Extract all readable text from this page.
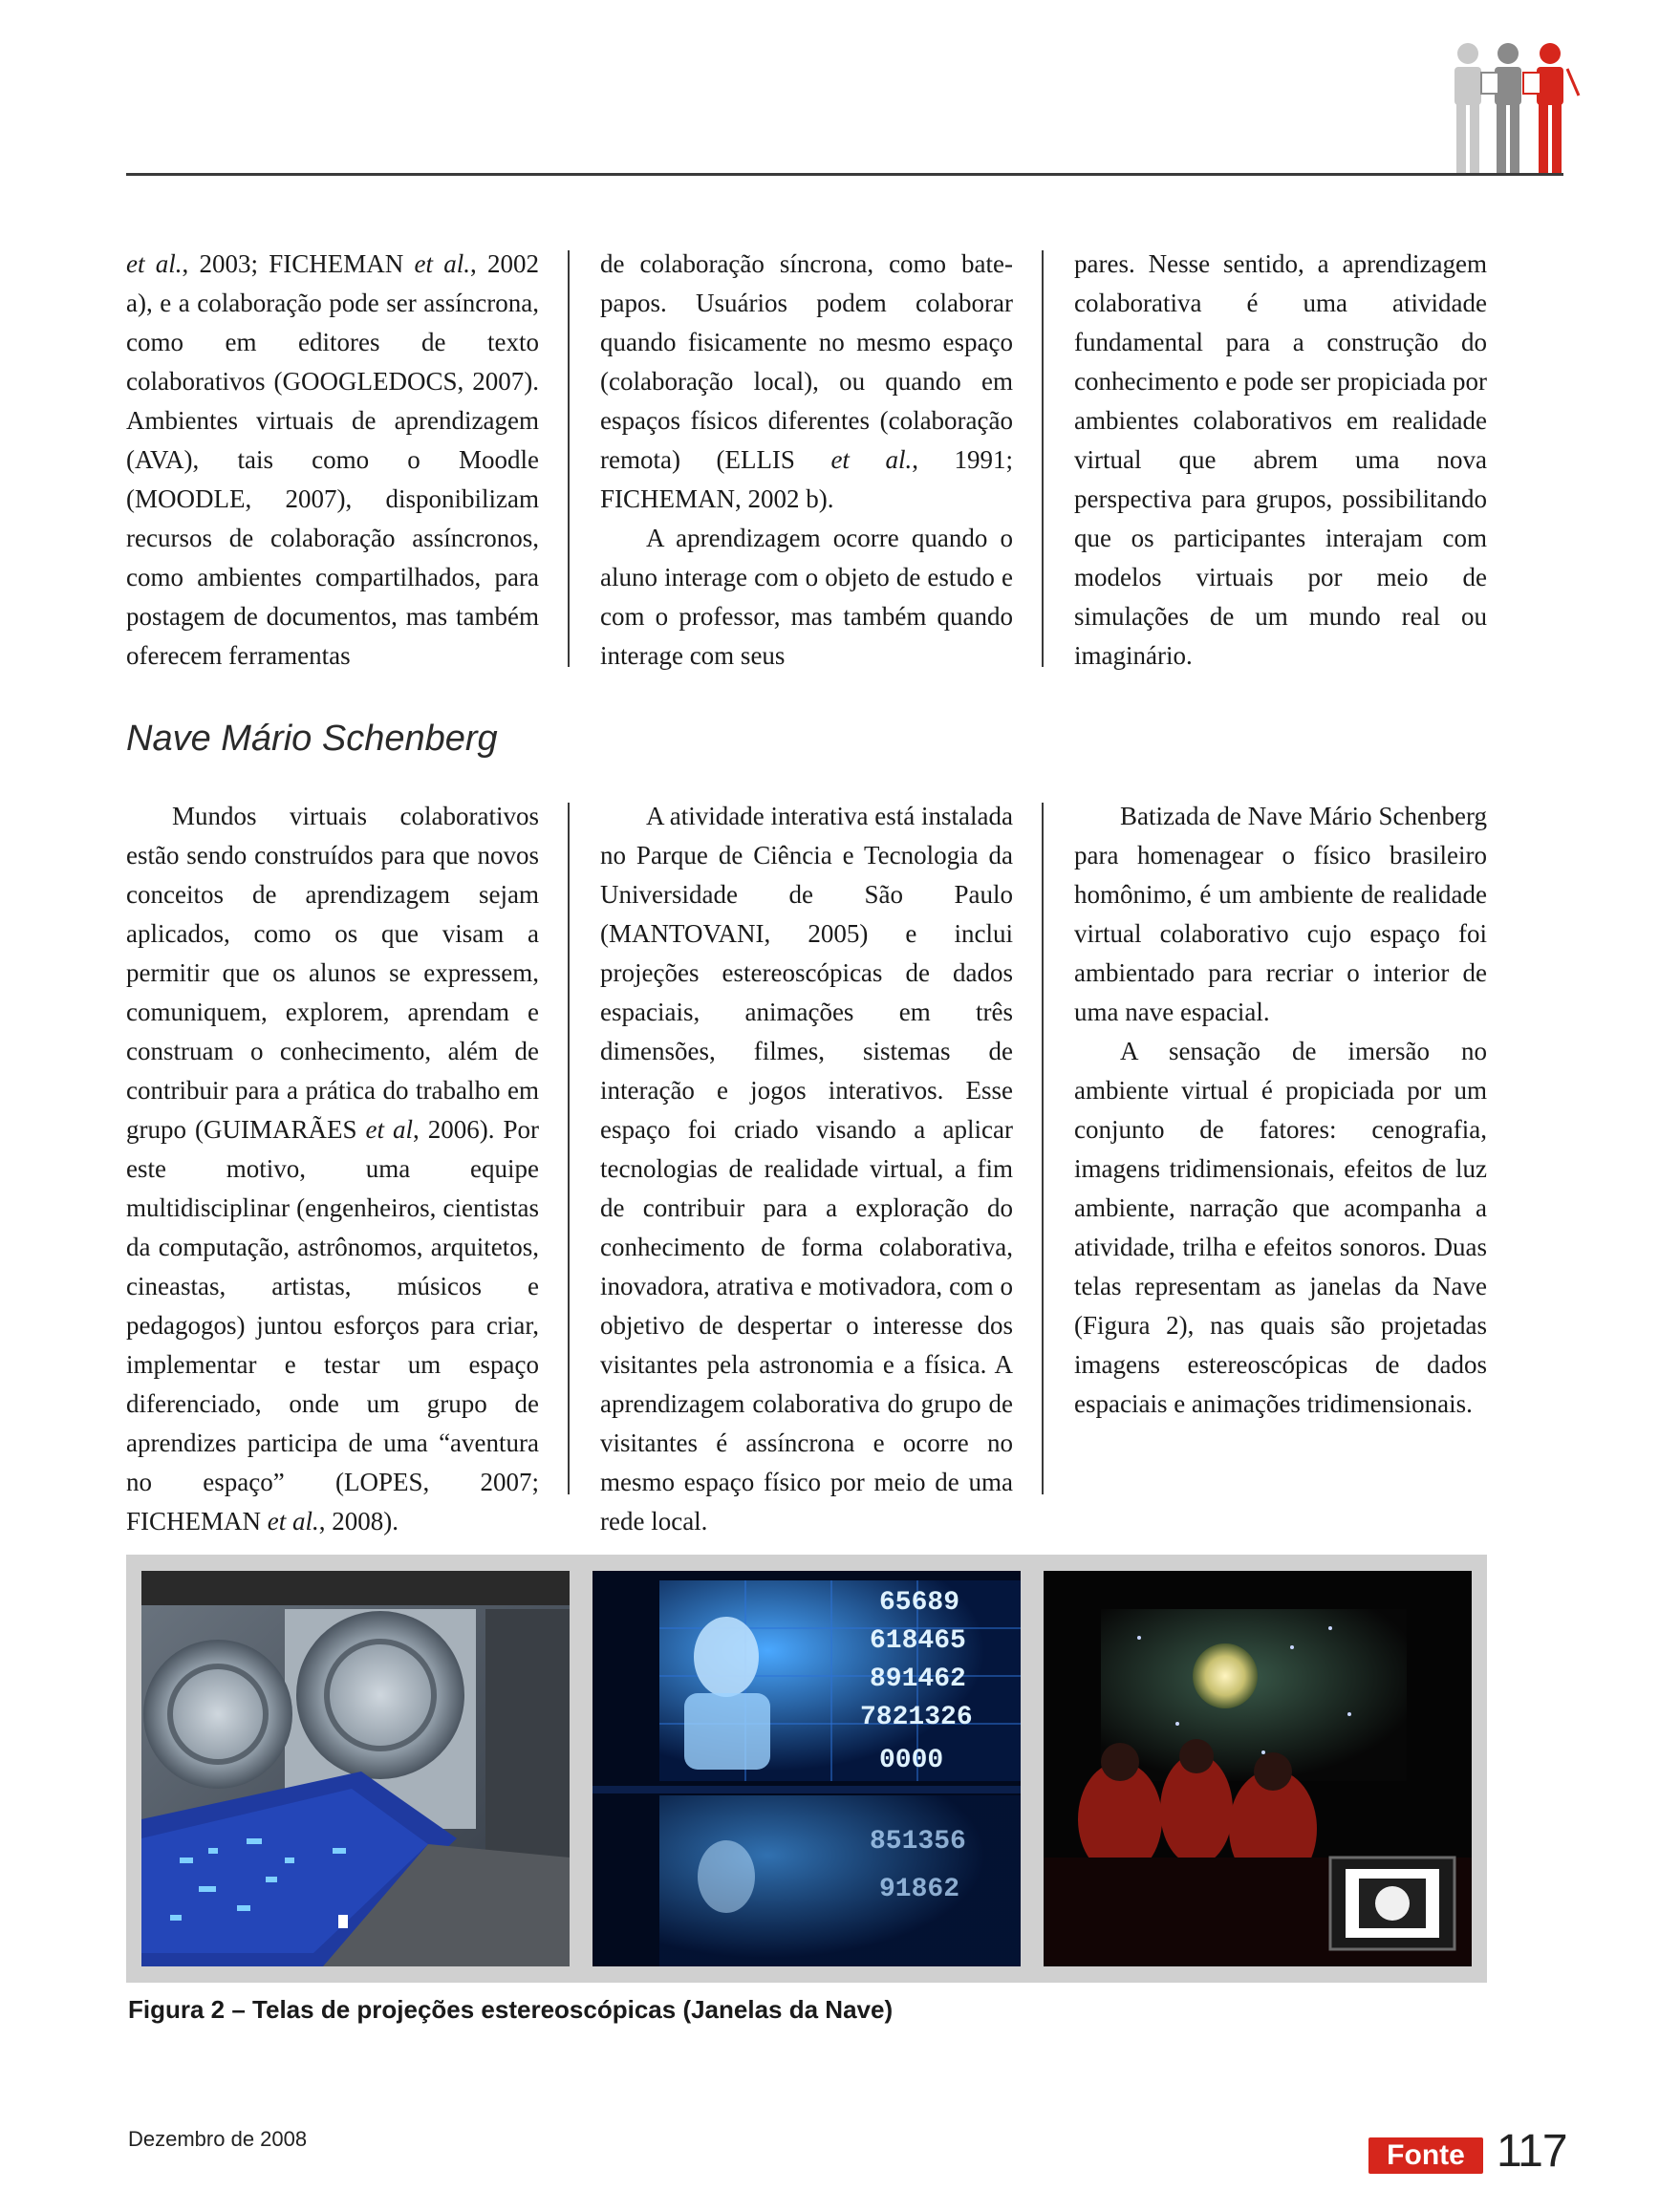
et al., 2003; FICHEMAN et al., 2002 a), e a colaboração pode ser assíncrona, como em editores de texto colaborativos (GOOGLEDOCS, 2007). Ambientes virtuais de aprendizagem (AVA), tais como o Moodle (MOODLE, 2007), disponibilizam recursos de colaboração assíncronos, como ambientes compartilhados, para postagem de documentos, mas também oferecem ferramentas

de colaboração síncrona, como bate-papos. Usuários podem colaborar quando fisicamente no mesmo espaço (colaboração local), ou quando em espaços físicos diferentes (colaboração remota) (ELLIS et al., 1991; FICHEMAN, 2002 b).

A aprendizagem ocorre quando o aluno interage com o objeto de estudo e com o professor, mas também quando interage com seus

pares. Nesse sentido, a aprendizagem colaborativa é uma atividade fundamental para a construção do conhecimento e pode ser propiciada por ambientes colaborativos em realidade virtual que abrem uma nova perspectiva para grupos, possibilitando que os participantes interajam com modelos virtuais por meio de simulações de um mundo real ou imaginário.

Nave Mário Schenberg

Mundos virtuais colaborativos estão sendo construídos para que novos conceitos de aprendizagem sejam aplicados, como os que visam a permitir que os alunos se expressem, comuniquem, explorem, aprendam e construam o conhecimento, além de contribuir para a prática do trabalho em grupo (GUIMARÃES et al, 2006). Por este motivo, uma equipe multidisciplinar (engenheiros, cientistas da computação, astrônomos, arquitetos, cineastas, artistas, músicos e pedagogos) juntou esforços para criar, implementar e testar um espaço diferenciado, onde um grupo de aprendizes participa de uma “aventura no espaço” (LOPES, 2007; FICHEMAN et al., 2008).

A atividade interativa está instalada no Parque de Ciência e Tecnologia da Universidade de São Paulo (MANTOVANI, 2005) e inclui projeções estereoscópicas de dados espaciais, animações em três dimensões, filmes, sistemas de interação e jogos interativos. Esse espaço foi criado visando a aplicar tecnologias de realidade virtual, a fim de contribuir para a exploração do conhecimento de forma colaborativa, inovadora, atrativa e motivadora, com o objetivo de despertar o interesse dos visitantes pela astronomia e a física. A aprendizagem colaborativa do grupo de visitantes é assíncrona e ocorre no mesmo espaço físico por meio de uma rede local.

Batizada de Nave Mário Schenberg para homenagear o físico brasileiro homônimo, é um ambiente de realidade virtual colaborativo cujo espaço foi ambientado para recriar o interior de uma nave espacial.

A sensação de imersão no ambiente virtual é propiciada por um conjunto de fatores: cenografia, imagens tridimensionais, efeitos de luz ambiente, narração que acompanha a atividade, trilha e efeitos sonoros. Duas telas representam as janelas da Nave (Figura 2), nas quais são projetadas imagens estereoscópicas de dados espaciais e animações tridimensionais.

65689
618465
891462
7821326
0000
851356
91862

Figura 2 – Telas de projeções estereoscópicas (Janelas da Nave)

Dezembro de 2008
Fonte 117
